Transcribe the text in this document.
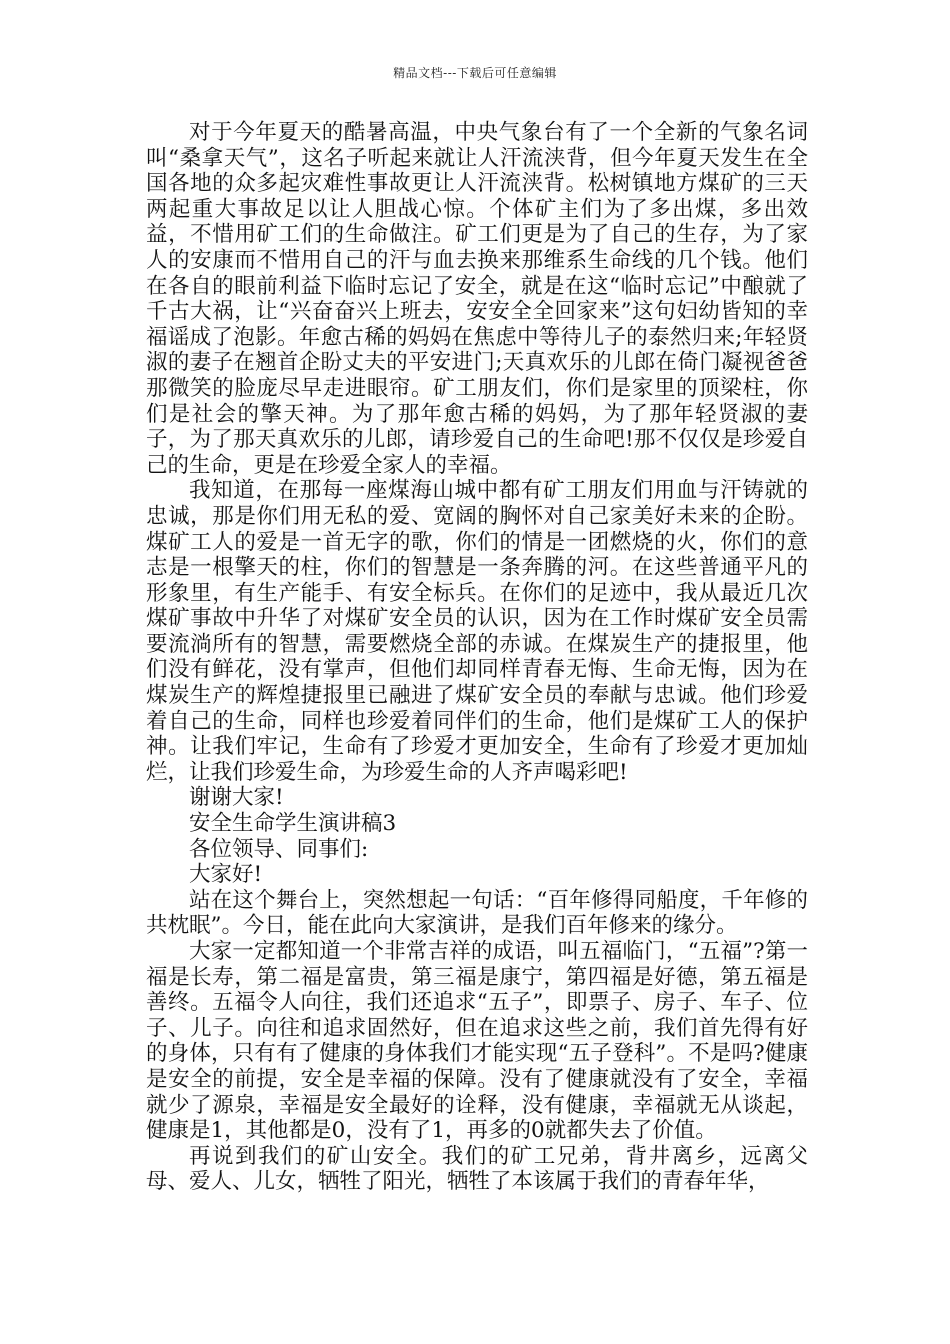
精品文档---下载后可任意编辑

对于今年夏天的酷暑高温，中央气象台有了一个全新的气象名词叫“桑拿天气”，这名子听起来就让人汗流浃背，但今年夏天发生在全国各地的众多起灾难性事故更让人汗流浃背。松树镇地方煤矿的三天两起重大事故足以让人胆战心惊。个体矿主们为了多出煤，多出效益，不惜用矿工们的生命做注。矿工们更是为了自己的生存，为了家人的安康而不惜用自己的汗与血去换来那维系生命线的几个钱。他们在各自的眼前利益下临时忘记了安全，就是在这“临时忘记”中酿就了千古大祸，让“兴奋奋兴上班去，安安全全回家来”这句妇幼皆知的幸福谣成了泡影。年愈古稀的妈妈在焦虑中等待儿子的泰然归来;年轻贤淑的妻子在翘首企盼丈夫的平安进门;天真欢乐的儿郎在倚门凝视爸爸那微笑的脸庞尽早走进眼帘。矿工朋友们，你们是家里的顶梁柱，你们是社会的擎天神。为了那年愈古稀的妈妈，为了那年轻贤淑的妻子，为了那天真欢乐的儿郎，请珍爱自己的生命吧!那不仅仅是珍爱自己的生命，更是在珍爱全家人的幸福。

我知道，在那每一座煤海山城中都有矿工朋友们用血与汗铸就的忠诚，那是你们用无私的爱、宽阔的胸怀对自己家美好未来的企盼。煤矿工人的爱是一首无字的歌，你们的情是一团燃烧的火，你们的意志是一根擎天的柱，你们的智慧是一条奔腾的河。在这些普通平凡的形象里，有生产能手、有安全标兵。在你们的足迹中，我从最近几次煤矿事故中升华了对煤矿安全员的认识，因为在工作时煤矿安全员需要流淌所有的智慧，需要燃烧全部的赤诚。在煤炭生产的捷报里，他们没有鲜花，没有掌声，但他们却同样青春无悔、生命无悔，因为在煤炭生产的辉煌捷报里已融进了煤矿安全员的奉献与忠诚。他们珍爱着自己的生命，同样也珍爱着同伴们的生命，他们是煤矿工人的保护神。让我们牢记，生命有了珍爱才更加安全，生命有了珍爱才更加灿烂，让我们珍爱生命，为珍爱生命的人齐声喝彩吧!

谢谢大家!

安全生命学生演讲稿3

各位领导、同事们:

大家好!

站在这个舞台上，突然想起一句话：“百年修得同船度，千年修的共枕眠”。今日，能在此向大家演讲，是我们百年修来的缘分。

大家一定都知道一个非常吉祥的成语，叫五福临门，“五福”?第一福是长寿，第二福是富贵，第三福是康宁，第四福是好德，第五福是善终。五福令人向往，我们还追求“五子”，即票子、房子、车子、位子、儿子。向往和追求固然好，但在追求这些之前，我们首先得有好的身体，只有有了健康的身体我们才能实现“五子登科”。不是吗?健康是安全的前提，安全是幸福的保障。没有了健康就没有了安全，幸福就少了源泉，幸福是安全最好的诠释，没有健康，幸福就无从谈起，健康是1，其他都是0，没有了1，再多的0就都失去了价值。

再说到我们的矿山安全。我们的矿工兄弟，背井离乡，远离父母、爱人、儿女，牺牲了阳光，牺牲了本该属于我们的青春年华，
